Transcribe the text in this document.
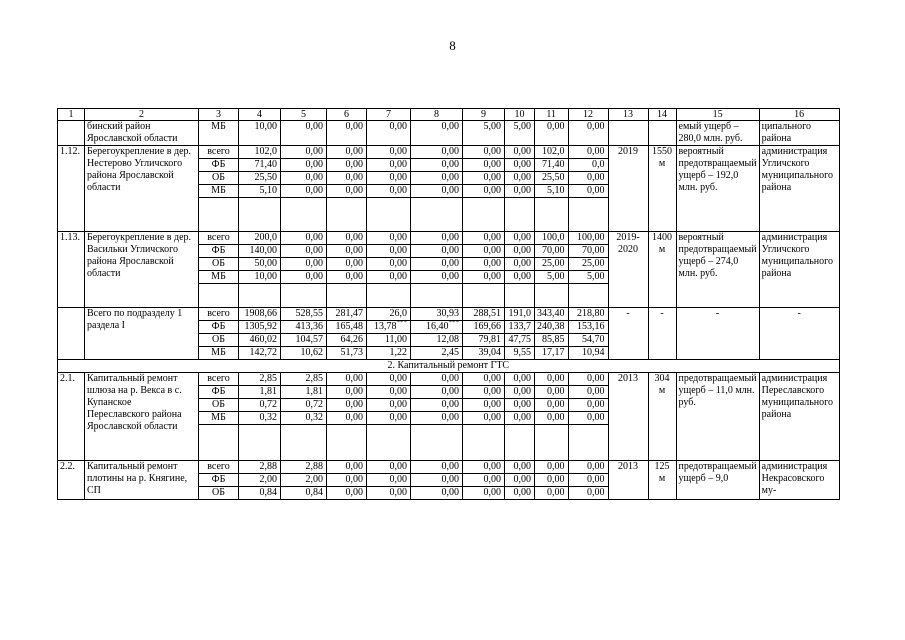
8
1	2	3	4	5	6	7	8	9	10	11	12	13	14	15	16
	бинский район Ярославской области	МБ	10,00	0,00	0,00	0,00	0,00	5,00	5,00	0,00	0,00			емый ущерб – 280,0 млн. руб.	ципального района
1.12.	Берегоукрепление в дер. Нестерово Угличского района Ярославской области	всего	102,0	0,00	0,00	0,00	0,00	0,00	0,00	102,0	0,00	2019	1550 м	вероятный предотвращаемый ущерб – 192,0 млн. руб.	администрация Угличского муниципального района
		ФБ	71,40	0,00	0,00	0,00	0,00	0,00	0,00	71,40	0,0				
		ОБ	25,50	0,00	0,00	0,00	0,00	0,00	0,00	25,50	0,00				
		МБ	5,10	0,00	0,00	0,00	0,00	0,00	0,00	5,10	0,00				

1.13.	Берегоукрепление в дер. Васильки Угличского района Ярославской области	всего	200,0	0,00	0,00	0,00	0,00	0,00	0,00	100,0	100,00	2019-2020	1400 м	вероятный предотвращаемый ущерб – 274,0 млн. руб.	администрация Угличского муниципального района
		ФБ	140,00	0,00	0,00	0,00	0,00	0,00	0,00	70,00	70,00				
		ОБ	50,00	0,00	0,00	0,00	0,00	0,00	0,00	25,00	25,00				
		МБ	10,00	0,00	0,00	0,00	0,00	0,00	0,00	5,00	5,00				

	Всего по подразделу 1 раздела I	всего	1908,66	528,55	281,47	26,0	30,93	288,51	191,0	343,40	218,80	-	-	-	-
		ФБ	1305,92	413,36	165,48	13,78***	16,40***	169,66	133,7	240,38	153,16				
		ОБ	460,02	104,57	64,26	11,00	12,08	79,81	47,75	85,85	54,70				
		МБ	142,72	10,62	51,73	1,22	2,45	39,04	9,55	17,17	10,94				
2. Капитальный ремонт ГТС															
2.1.	Капитальный ремонт шлюза на р. Векса в с. Купанское Переславского района Ярославской области	всего	2,85	2,85	0,00	0,00	0,00	0,00	0,00	0,00	0,00	2013	304 м	предотвращаемый ущерб – 11,0 млн. руб.	администрация Переславского муниципального района
		ФБ	1,81	1,81	0,00	0,00	0,00	0,00	0,00	0,00	0,00				
		ОБ	0,72	0,72	0,00	0,00	0,00	0,00	0,00	0,00	0,00				
		МБ	0,32	0,32	0,00	0,00	0,00	0,00	0,00	0,00	0,00				

2.2.	Капитальный ремонт плотины на р. Княгине, СП	всего	2,88	2,88	0,00	0,00	0,00	0,00	0,00	0,00	0,00	2013	125 м	предотвращаемый ущерб – 9,0	администрация Некрасовского му-
		ФБ	2,00	2,00	0,00	0,00	0,00	0,00	0,00	0,00	0,00				
		ОБ	0,84	0,84	0,00	0,00	0,00	0,00	0,00	0,00	0,00				
